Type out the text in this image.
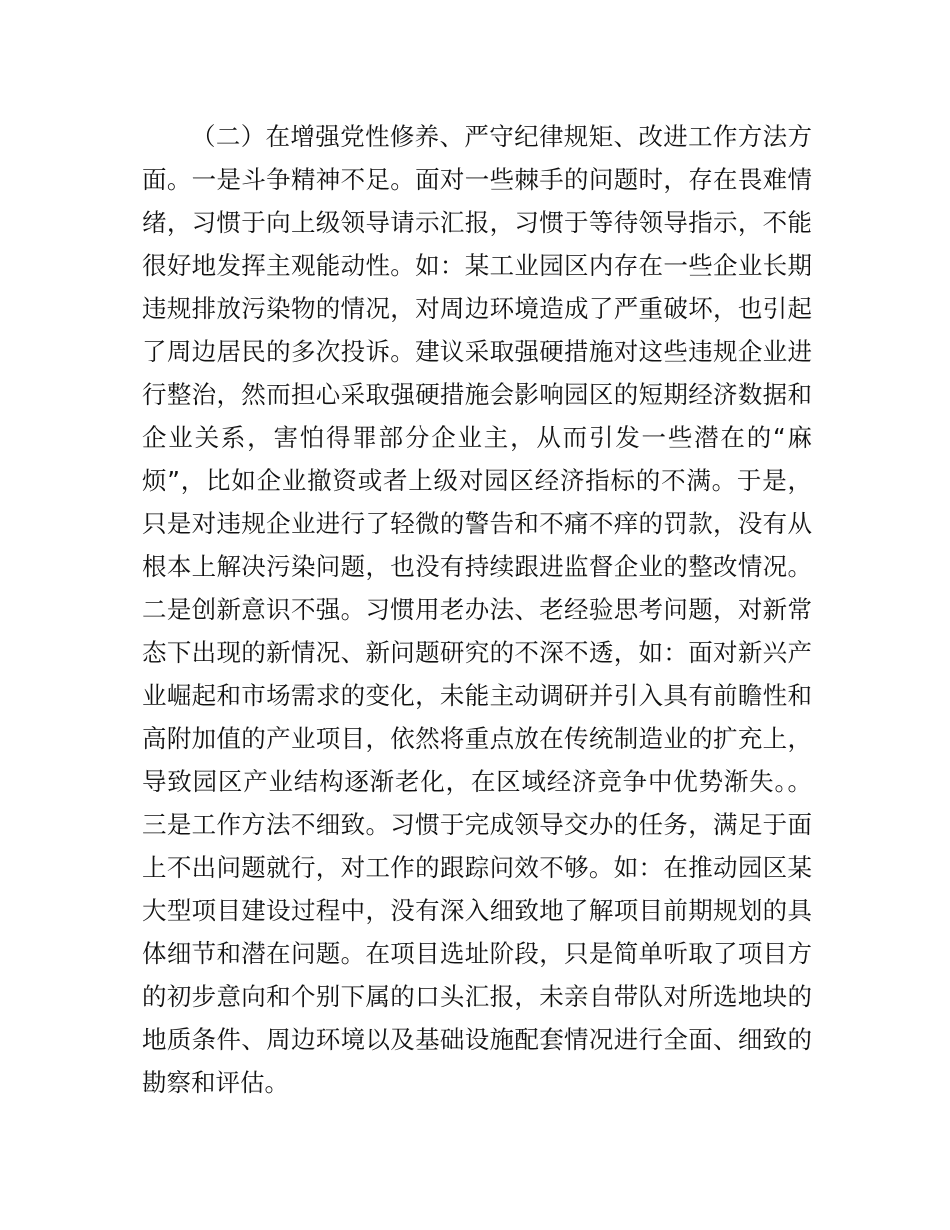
（二）在增强党性修养、严守纪律规矩、改进工作方法方
面。一是斗争精神不足。面对一些棘手的问题时，存在畏难情
绪，习惯于向上级领导请示汇报，习惯于等待领导指示，不能
很好地发挥主观能动性。如：某工业园区内存在一些企业长期
违规排放污染物的情况，对周边环境造成了严重破坏，也引起
了周边居民的多次投诉。建议采取强硬措施对这些违规企业进
行整治，然而担心采取强硬措施会影响园区的短期经济数据和
企业关系，害怕得罪部分企业主，从而引发一些潜在的“麻
烦”，比如企业撤资或者上级对园区经济指标的不满。于是，
只是对违规企业进行了轻微的警告和不痛不痒的罚款，没有从
根本上解决污染问题，也没有持续跟进监督企业的整改情况。
二是创新意识不强。习惯用老办法、老经验思考问题，对新常
态下出现的新情况、新问题研究的不深不透，如：面对新兴产
业崛起和市场需求的变化，未能主动调研并引入具有前瞻性和
高附加值的产业项目，依然将重点放在传统制造业的扩充上，
导致园区产业结构逐渐老化，在区域经济竞争中优势渐失。。
三是工作方法不细致。习惯于完成领导交办的任务，满足于面
上不出问题就行，对工作的跟踪问效不够。如：在推动园区某
大型项目建设过程中，没有深入细致地了解项目前期规划的具
体细节和潜在问题。在项目选址阶段，只是简单听取了项目方
的初步意向和个别下属的口头汇报，未亲自带队对所选地块的
地质条件、周边环境以及基础设施配套情况进行全面、细致的
勘察和评估。
